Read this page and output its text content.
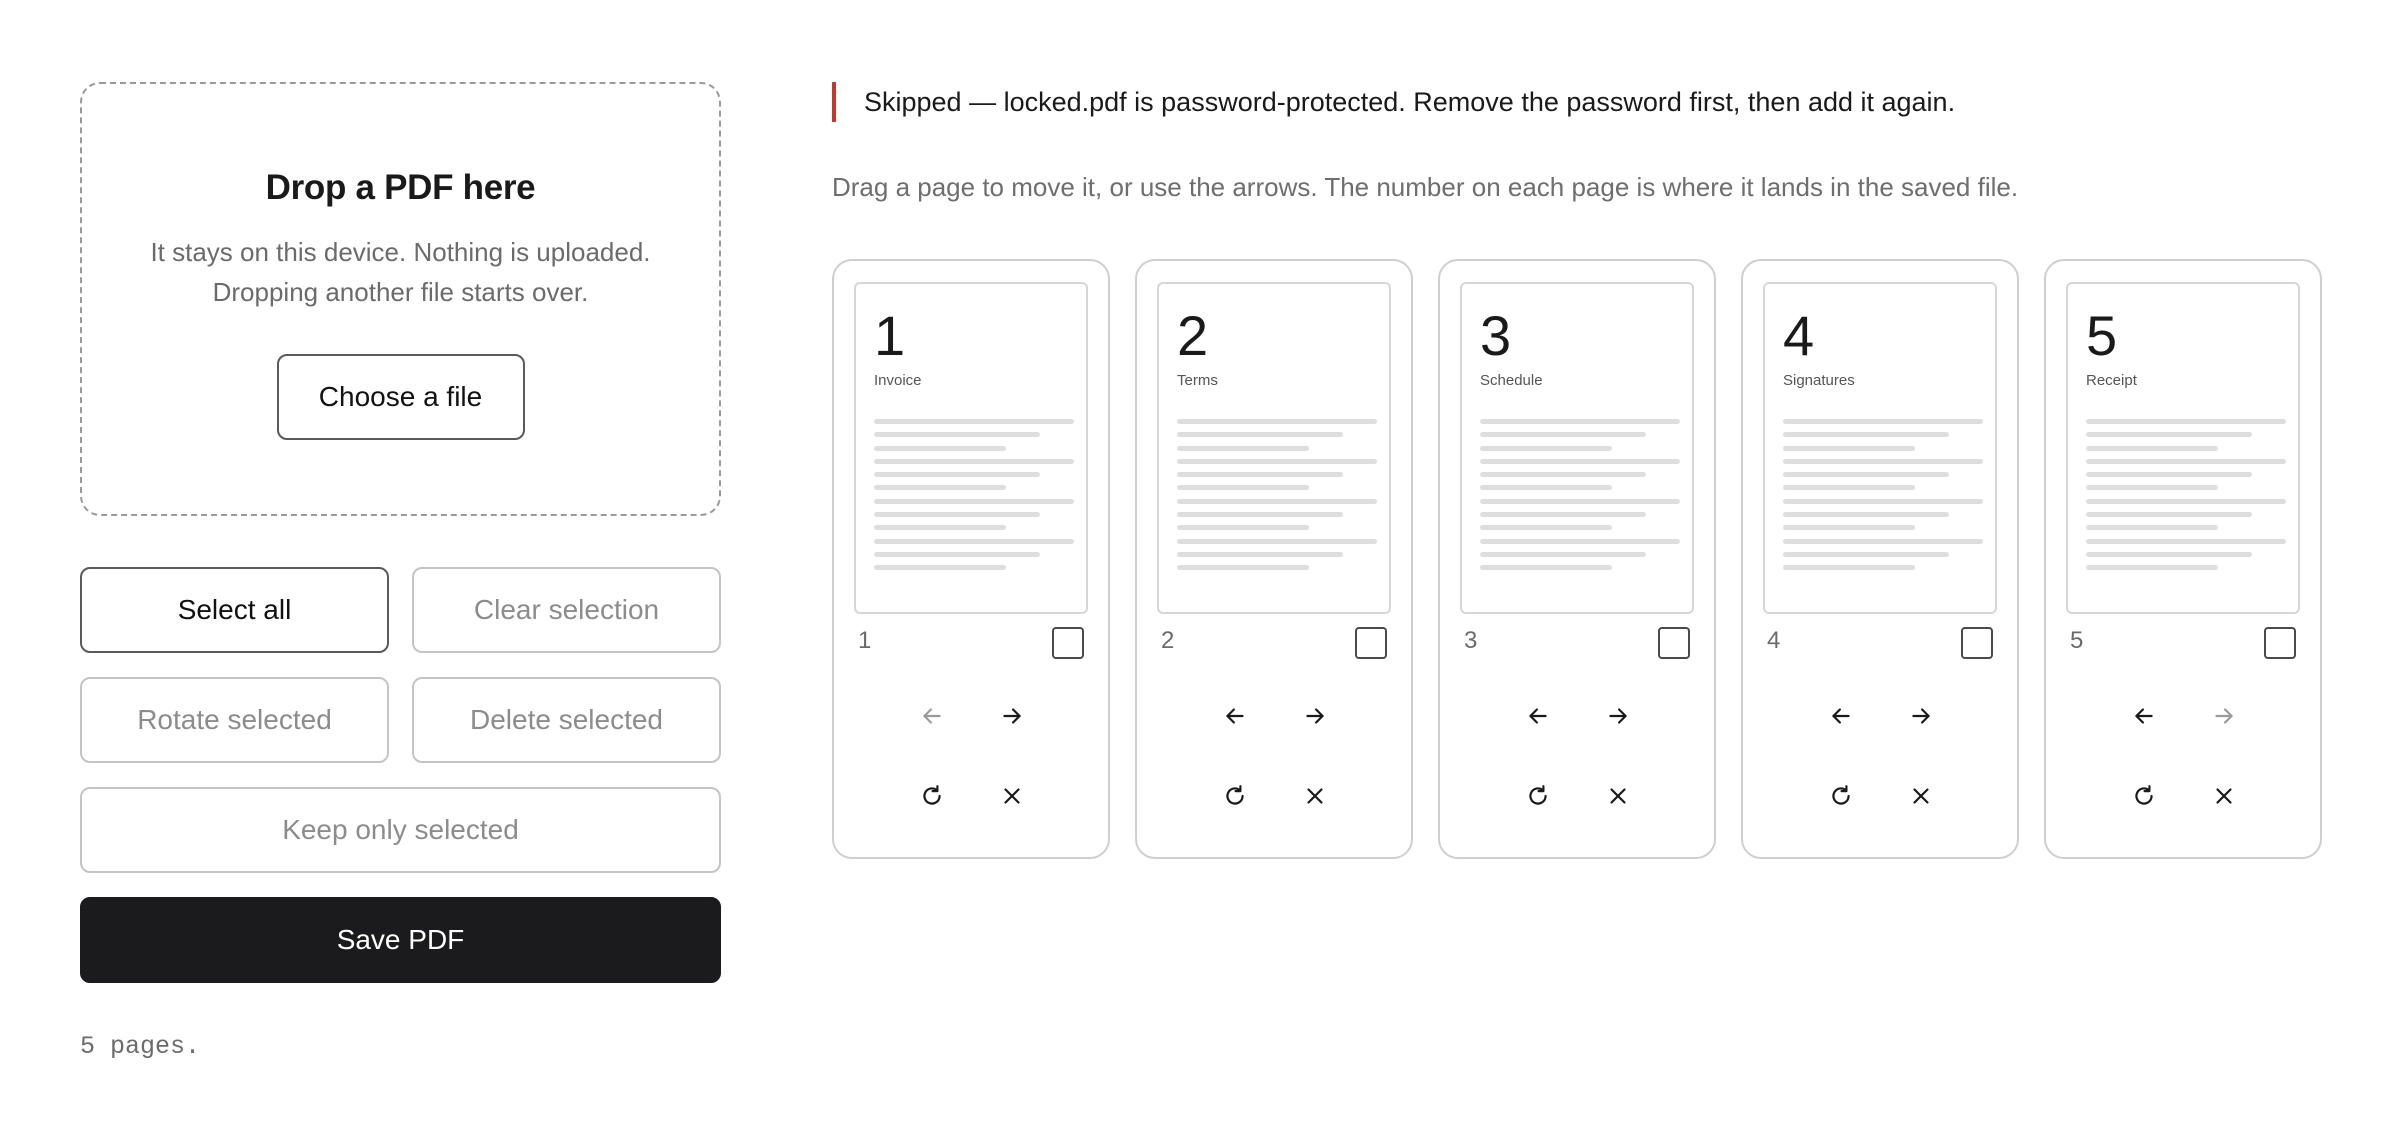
Drop a PDF here
It stays on this device. Nothing is uploaded.
Dropping another file starts over.
Choose a file
Select all	Clear selection
Rotate selected	Delete selected
Keep only selected
Save PDF
5 pages.
Skipped — locked.pdf is password-protected. Remove the password first, then add it again.
Drag a page to move it, or use the arrows. The number on each page is where it lands in the saved file.
1
Invoice
1
2
Terms
2
3
Schedule
3
4
Signatures
4
5
Receipt
5
